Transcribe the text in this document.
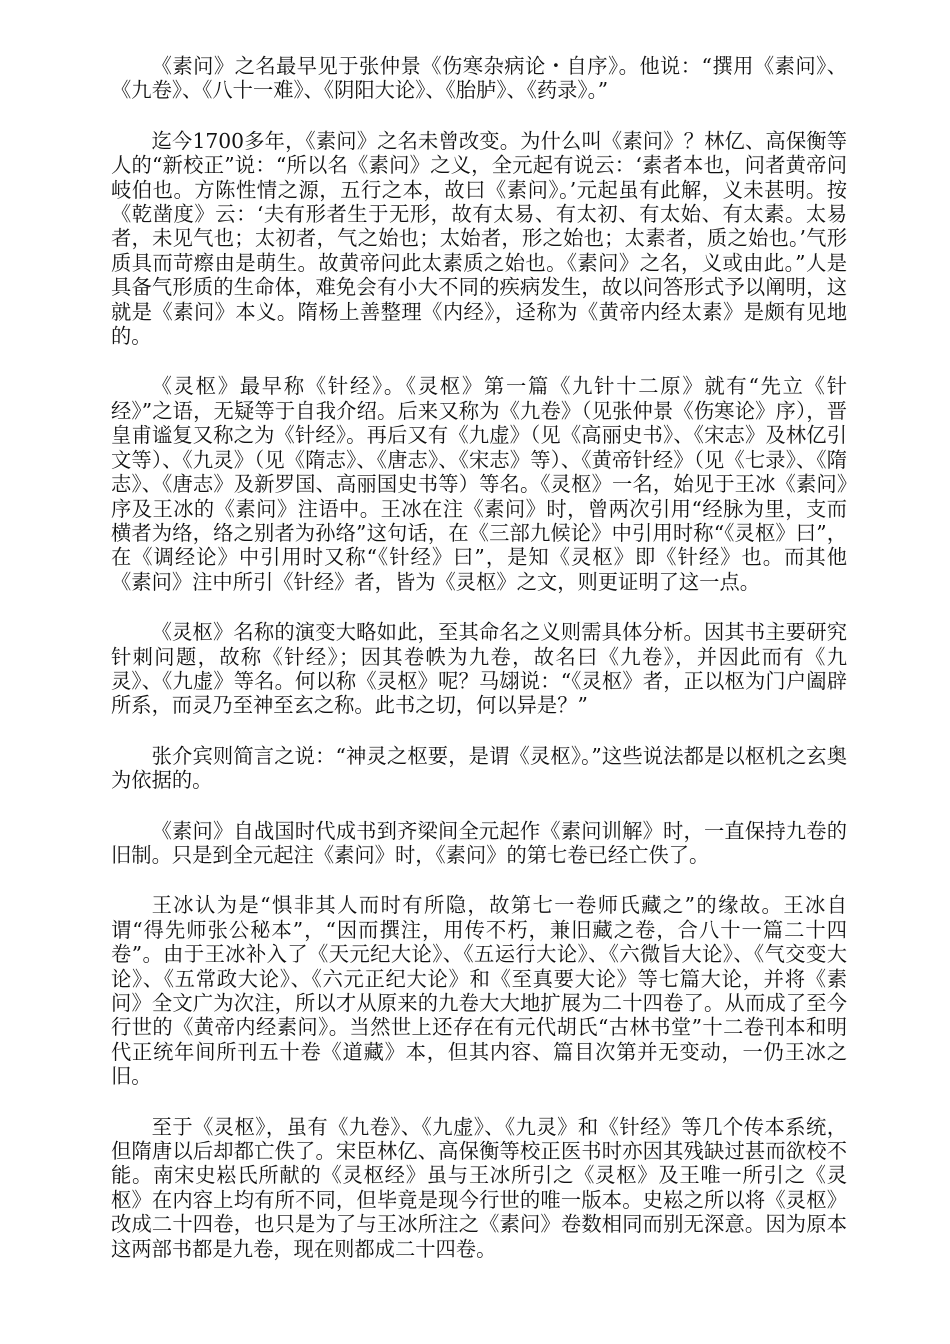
《素问》之名最早见于张仲景《伤寒杂病论・自序》。他说：“撰用《素问》、《九卷》、《八十一难》、《阴阳大论》、《胎胪》、《药录》。”

迄今1700多年，《素问》之名未曾改变。为什么叫《素问》？林亿、高保衡等人的“新校正”说：“所以名《素问》之义，全元起有说云：‘素者本也，问者黄帝问岐伯也。方陈性情之源，五行之本，故曰《素问》。’元起虽有此解，义未甚明。按《乾凿度》云：‘夫有形者生于无形，故有太易、有太初、有太始、有太素。太易者，未见气也；太初者，气之始也；太始者，形之始也；太素者，质之始也。’气形质具而苛瘵由是萌生。故黄帝问此太素质之始也。《素问》之名，义或由此。”人是具备气形质的生命体，难免会有小大不同的疾病发生，故以问答形式予以阐明，这就是《素问》本义。隋杨上善整理《内经》，迳称为《黄帝内经太素》是颇有见地的。

《灵枢》最早称《针经》。《灵枢》第一篇《九针十二原》就有“先立《针经》”之语，无疑等于自我介绍。后来又称为《九卷》（见张仲景《伤寒论》序），晋皇甫谧复又称之为《针经》。再后又有《九虚》（见《高丽史书》、《宋志》及林亿引文等）、《九灵》（见《隋志》、《唐志》、《宋志》等）、《黄帝针经》（见《七录》、《隋志》、《唐志》及新罗国、高丽国史书等）等名。《灵枢》一名，始见于王冰《素问》序及王冰的《素问》注语中。王冰在注《素问》时，曾两次引用“经脉为里，支而横者为络，络之别者为孙络”这句话，在《三部九候论》中引用时称“《灵枢》曰”，在《调经论》中引用时又称“《针经》曰”，是知《灵枢》即《针经》也。而其他《素问》注中所引《针经》者，皆为《灵枢》之文，则更证明了这一点。

《灵枢》名称的演变大略如此，至其命名之义则需具体分析。因其书主要研究针刺问题，故称《针经》；因其卷帙为九卷，故名曰《九卷》，并因此而有《九灵》、《九虚》等名。何以称《灵枢》呢？马翃说：“《灵枢》者，正以枢为门户阖辟所系，而灵乃至神至玄之称。此书之切，何以异是？”

张介宾则简言之说：“神灵之枢要，是谓《灵枢》。”这些说法都是以枢机之玄奥为依据的。

《素问》自战国时代成书到齐梁间全元起作《素问训解》时，一直保持九卷的旧制。只是到全元起注《素问》时，《素问》的第七卷已经亡佚了。

王冰认为是“惧非其人而时有所隐，故第七一卷师氏藏之”的缘故。王冰自谓“得先师张公秘本”，“因而撰注，用传不朽，兼旧藏之卷，合八十一篇二十四卷”。由于王冰补入了《天元纪大论》、《五运行大论》、《六微旨大论》、《气交变大论》、《五常政大论》、《六元正纪大论》和《至真要大论》等七篇大论，并将《素问》全文广为次注，所以才从原来的九卷大大地扩展为二十四卷了。从而成了至今行世的《黄帝内经素问》。当然世上还存在有元代胡氏“古林书堂”十二卷刊本和明代正统年间所刊五十卷《道藏》本，但其内容、篇目次第并无变动，一仍王冰之旧。

至于《灵枢》，虽有《九卷》、《九虚》、《九灵》和《针经》等几个传本系统，但隋唐以后却都亡佚了。宋臣林亿、高保衡等校正医书时亦因其残缺过甚而欲校不能。南宋史崧氏所献的《灵枢经》虽与王冰所引之《灵枢》及王唯一所引之《灵枢》在内容上均有所不同，但毕竟是现今行世的唯一版本。史崧之所以将《灵枢》改成二十四卷，也只是为了与王冰所注之《素问》卷数相同而别无深意。因为原本这两部书都是九卷，现在则都成二十四卷。
